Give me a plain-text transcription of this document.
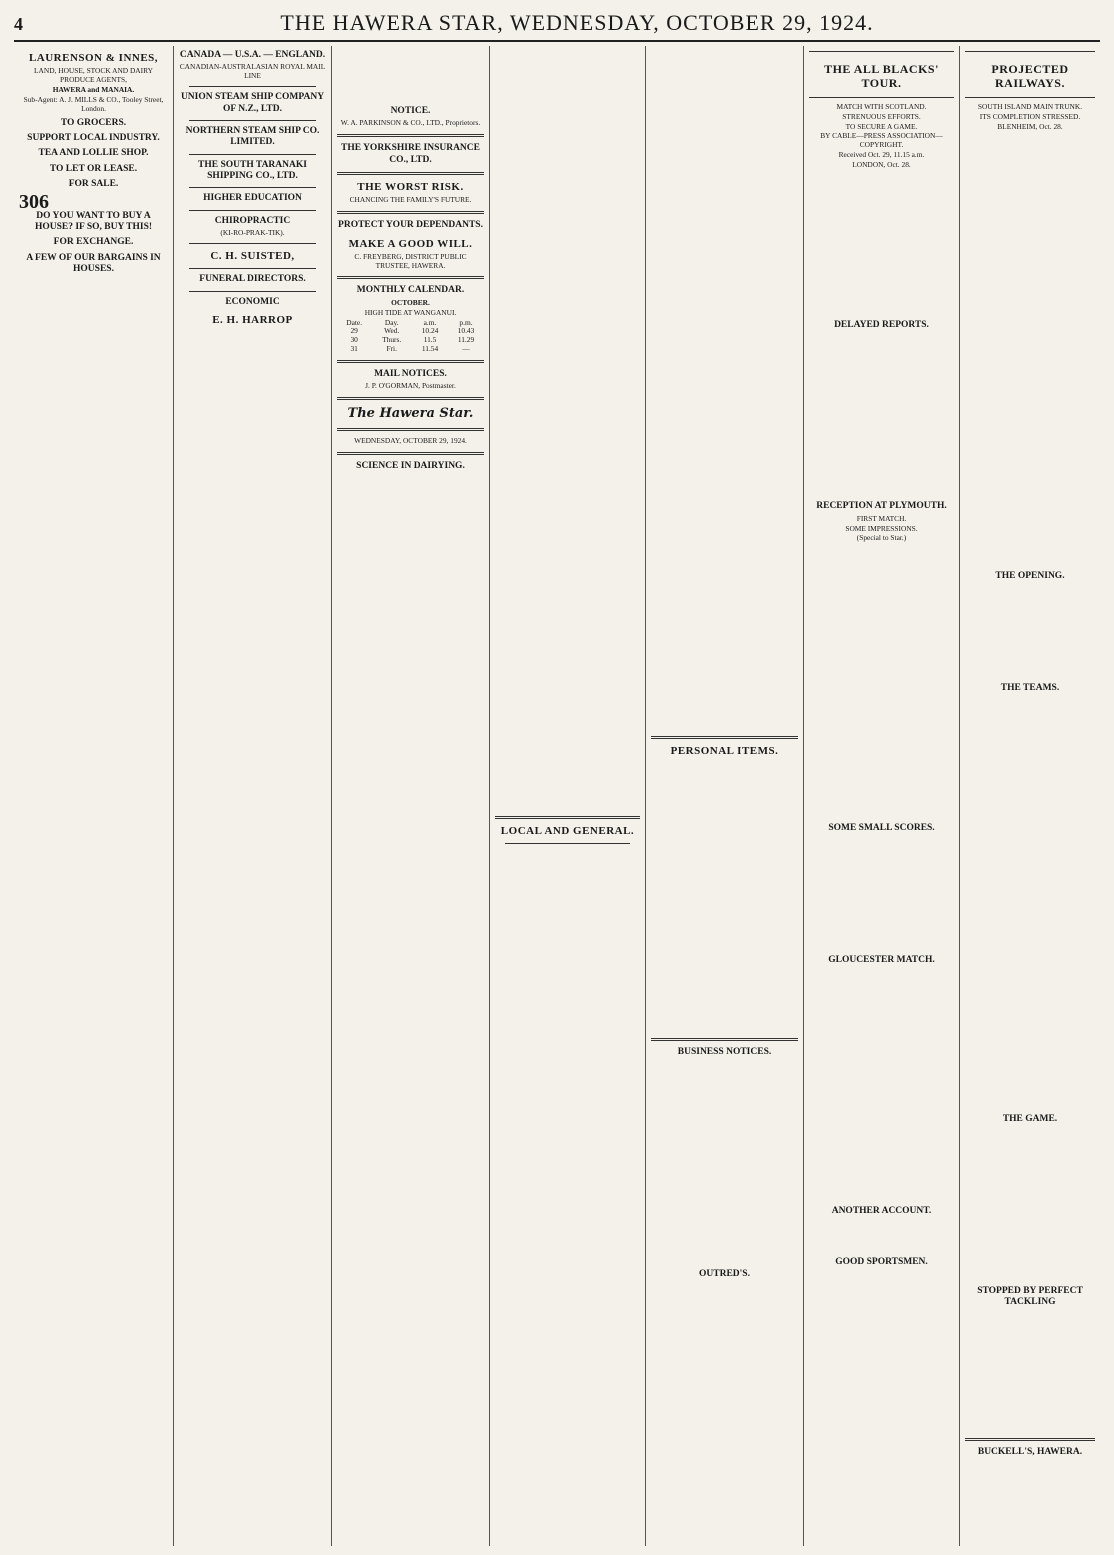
4	THE HAWERA STAR, WEDNESDAY, OCTOBER 29, 1924.
LAURENSON & INNES,
LAND, HOUSE, STOCK AND DAIRY PRODUCE AGENTS,
HAWERA and MANAIA.
Sub-Agent: A. J. MILLS & CO., Tooley Street, London.
TO GROCERS.
SUPPORT LOCAL INDUSTRY.
TEA AND LOLLIE SHOP.
TO LET OR LEASE.
FOR SALE.
306
DO YOU WANT TO BUY A HOUSE? IF SO, BUY THIS!
FOR EXCHANGE.
A FEW OF OUR BARGAINS IN HOUSES.
CANADA — U.S.A. — ENGLAND.
CANADIAN-AUSTRALASIAN ROYAL MAIL LINE
UNION STEAM SHIP COMPANY OF N.Z., LTD.
NORTHERN STEAM SHIP CO. LIMITED.
THE SOUTH TARANAKI SHIPPING CO., LTD.
HIGHER EDUCATION
CHIROPRACTIC
(KI-RO-PRAK-TIK).
C. H. SUISTED,
FUNERAL DIRECTORS.
ECONOMIC
E. H. HARROP
NOTICE.
W. A. PARKINSON & CO., LTD., Proprietors.
THE YORKSHIRE INSURANCE CO., LTD.
THE WORST RISK.
CHANCING THE FAMILY'S FUTURE.
PROTECT YOUR DEPENDANTS.
MAKE A GOOD WILL.
C. FREYBERG, DISTRICT PUBLIC TRUSTEE, HAWERA.
MONTHLY CALENDAR.
OCTOBER.
HIGH TIDE AT WANGANUI.
Date.	Day.	a.m.	p.m.
29	Wed.	10.24	10.43
30	Thurs.	11.5	11.29
31	Fri.	11.54	—
MAIL NOTICES.
J. P. O'GORMAN, Postmaster.
The Hawera Star.
WEDNESDAY, OCTOBER 29, 1924.
SCIENCE IN DAIRYING.
LOCAL AND GENERAL.
PERSONAL ITEMS.
BUSINESS NOTICES.
OUTRED'S.
THE ALL BLACKS' TOUR.
MATCH WITH SCOTLAND.
STRENUOUS EFFORTS.
TO SECURE A GAME.
BY CABLE—PRESS ASSOCIATION—COPYRIGHT.
Received Oct. 29, 11.15 a.m.
LONDON, Oct. 28.
DELAYED REPORTS.
RECEPTION AT PLYMOUTH.
FIRST MATCH.
SOME IMPRESSIONS.
(Special to Star.)
SOME SMALL SCORES.
GLOUCESTER MATCH.
ANOTHER ACCOUNT.
GOOD SPORTSMEN.
PROJECTED RAILWAYS.
SOUTH ISLAND MAIN TRUNK.
ITS COMPLETION STRESSED.
BLENHEIM, Oct. 28.
THE OPENING.
THE TEAMS.
THE GAME.
STOPPED BY PERFECT TACKLING
BUCKELL'S, HAWERA.
